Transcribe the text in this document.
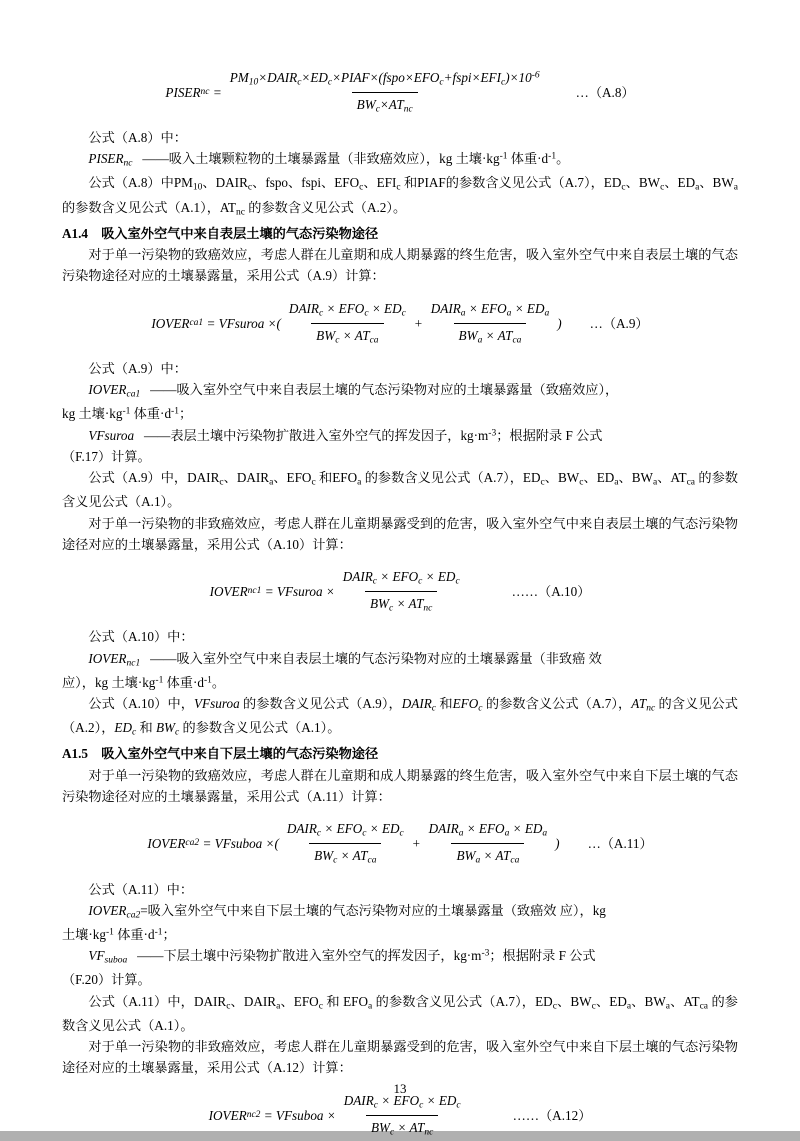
PISER nc = $\frac{PM_{10}\times DAIR_c\times ED_c\times PIAF\times(fspo\times EFO_c+fspi\times EFI_c)\times 10^{-6}}{BW_c\times AT_{nc}}$ …（A.8）

公式（A.8）中：

$PISER_{nc}$   ——吸入土壤颗粒物的土壤暴露量（非致癌效应），kg 土壤$\cdot kg^{-1}$ 体重$\cdot d^{-1}$。

公式（A.8）中$PM_{10}$、$DAIR_c$、fspo、fspi、$EFO_c$、$EFI_c$ 和PIAF的参数含义见公式（A.7），$ED_c$、$BW_c$、$ED_a$、$BW_a$ 的参数含义见公式（A.1），$AT_{nc}$ 的参数含义见公式（A.2）。

A1.4 吸入室外空气中来自表层土壤的气态污染物途径

对于单一污染物的致癌效应，考虑人群在儿童期和成人期暴露的终生危害，吸入室外空气中来自表层土壤的气态污染物途径对应的土壤暴露量，采用公式（A.9）计算：

IOVER ca1 = VFsuroa ×( $\frac{DAIR_c \times EFO_c \times ED_c}{BW_c \times AT_{ca}} + \frac{DAIR_a \times EFO_a \times ED_a}{BW_a \times AT_{ca}}$ ) …（A.9）

公式（A.9）中：

$IOVER_{ca1}$   ——吸入室外空气中来自表层土壤的气态污染物对应的土壤暴露量（致癌效应），

kg 土壤$\cdot kg^{-1}$ 体重$\cdot d^{-1}$；

VFsuroa   ——表层土壤中污染物扩散进入室外空气的挥发因子，$kg\cdot m^{-3}$；根据附录 F 公式

（F.17）计算。

公式（A.9）中，$DAIR_c$、$DAIR_a$、$EFO_c$ 和$EFO_a$ 的参数含义见公式（A.7），$ED_c$、$BW_c$、$ED_a$、$BW_a$、$AT_{ca}$ 的参数含义见公式（A.1）。

对于单一污染物的非致癌效应，考虑人群在儿童期暴露受到的危害，吸入室外空气中来自表层土壤的气态污染物途径对应的土壤暴露量，采用公式（A.10）计算：

IOVER nc1 = VFsuroa × $\frac{DAIR_c \times EFO_c \times ED_c}{BW_c \times AT_{nc}}$	……（A.10）

公式（A.10）中：

$IOVER_{nc1}$   ——吸入室外空气中来自表层土壤的气态污染物对应的土壤暴露量（非致癌 效

应），kg 土壤$\cdot kg^{-1}$ 体重$\cdot d^{-1}$。

公式（A.10）中，VFsuroa 的参数含义见公式（A.9），$DAIR_c$ 和$EFO_c$ 的参数含义公式（A.7），$AT_{nc}$ 的含义见公式（A.2），$ED_c$ 和 $BW_c$ 的参数含义见公式（A.1）。

A1.5 吸入室外空气中来自下层土壤的气态污染物途径

对于单一污染物的致癌效应，考虑人群在儿童期和成人期暴露的终生危害，吸入室外空气中来自下层土壤的气态污染物途径对应的土壤暴露量，采用公式（A.11）计算：

IOVER ca2 = VFsuboa ×( $\frac{DAIR_c \times EFO_c \times ED_c}{BW_c \times AT_{ca}} + \frac{DAIR_a \times EFO_a \times ED_a}{BW_a \times AT_{ca}}$ ) …（A.11）

公式（A.11）中：

$IOVER_{ca2}=$吸入室外空气中来自下层土壤的气态污染物对应的土壤暴露量（致癌效 应），kg

土壤$\cdot kg^{-1}$ 体重$\cdot d^{-1}$；

$VF_{suboa}$   ——下层土壤中污染物扩散进入室外空气的挥发因子，$kg\cdot m^{-3}$；根据附录 F 公式

（F.20）计算。

公式（A.11）中，$DAIR_c$、$DAIR_a$、$EFO_c$ 和 $EFO_a$ 的参数含义见公式（A.7），$ED_c$、$BW_c$、$ED_a$、$BW_a$、$AT_{ca}$ 的参数含义见公式（A.1）。

对于单一污染物的非致癌效应，考虑人群在儿童期暴露受到的危害，吸入室外空气中来自下层土壤的气态污染物途径对应的土壤暴露量，采用公式（A.12）计算：

IOVER nc2 = VFsuboa × $\frac{DAIR_c \times EFO_c \times ED_c}{BW_c \times AT_{nc}}$	……（A.12）
13
